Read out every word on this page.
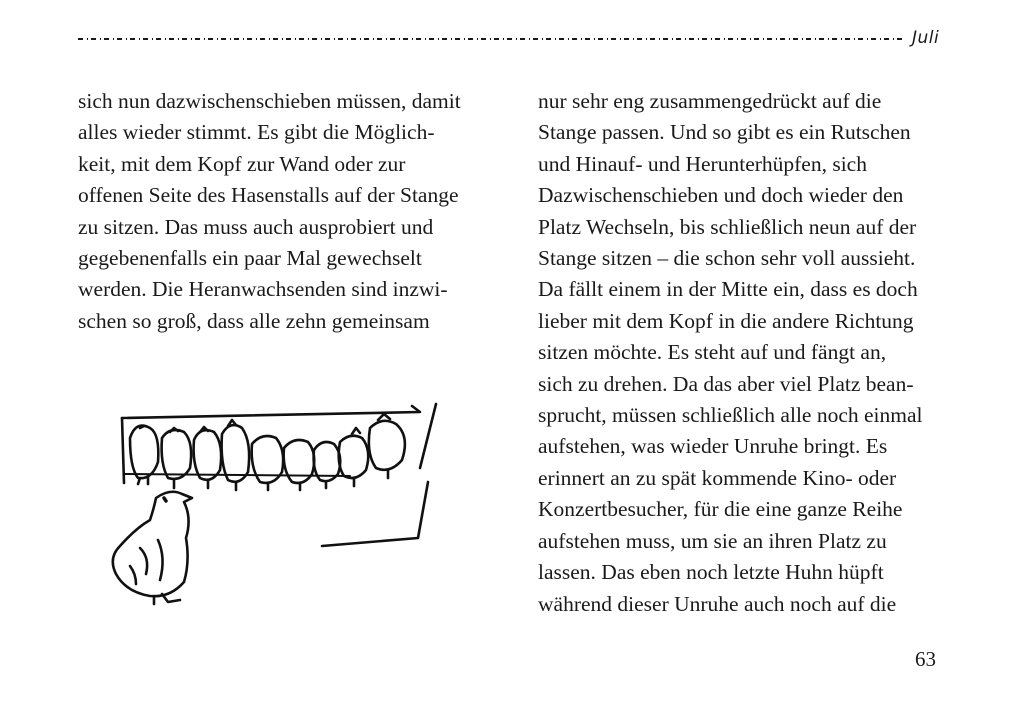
Juli
sich nun dazwischenschieben müssen, damit
alles wieder stimmt. Es gibt die Möglich-
keit, mit dem Kopf zur Wand oder zur
offenen Seite des Hasenstalls auf der Stange
zu sitzen. Das muss auch ausprobiert und
gegebenenfalls ein paar Mal gewechselt
werden. Die Heranwachsenden sind inzwi-
schen so groß, dass alle zehn gemeinsam
nur sehr eng zusammengedrückt auf die
Stange passen. Und so gibt es ein Rutschen
und Hinauf- und Herunterhüpfen, sich
Dazwischenschieben und doch wieder den
Platz Wechseln, bis schließlich neun auf der
Stange sitzen – die schon sehr voll aussieht.
Da fällt einem in der Mitte ein, dass es doch
lieber mit dem Kopf in die andere Richtung
sitzen möchte. Es steht auf und fängt an,
sich zu drehen. Da das aber viel Platz bean-
sprucht, müssen schließlich alle noch einmal
aufstehen, was wieder Unruhe bringt. Es
erinnert an zu spät kommende Kino- oder
Konzertbesucher, für die eine ganze Reihe
aufstehen muss, um sie an ihren Platz zu
lassen. Das eben noch letzte Huhn hüpft
während dieser Unruhe auch noch auf die
63
